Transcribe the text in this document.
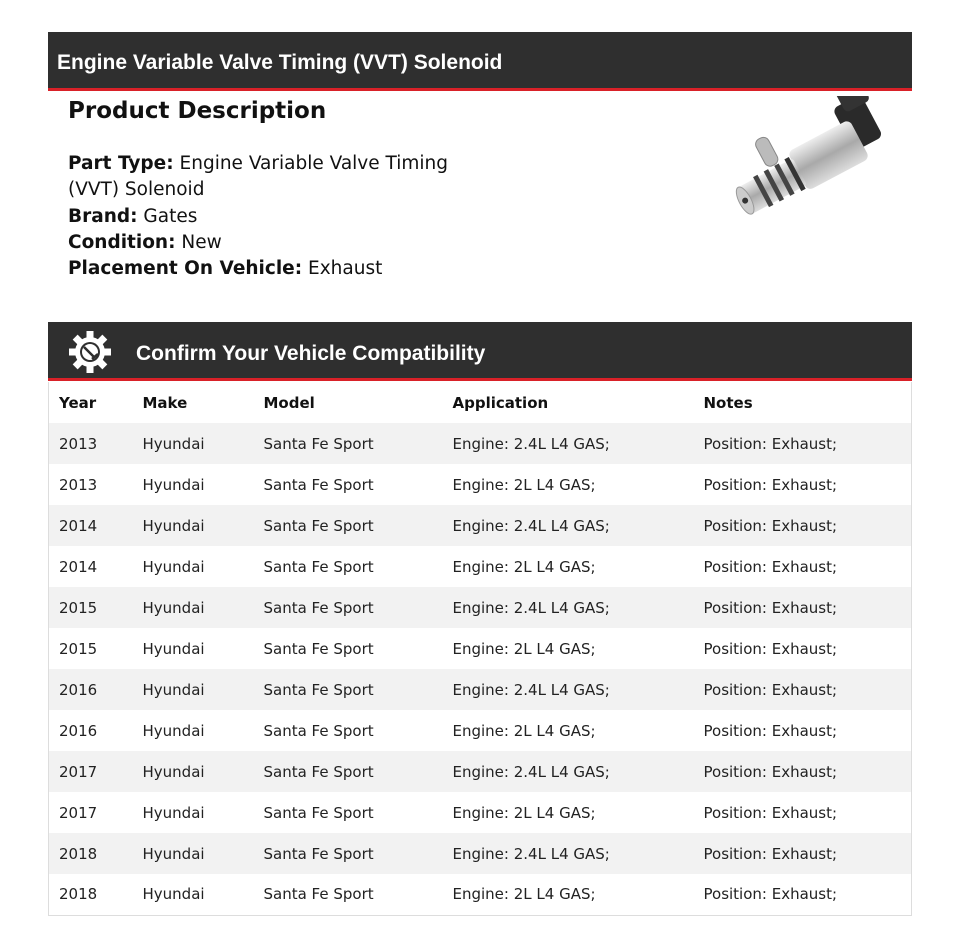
Engine Variable Valve Timing (VVT) Solenoid
Product Description
Part Type: Engine Variable Valve Timing (VVT) Solenoid
Brand: Gates
Condition: New
Placement On Vehicle: Exhaust
Confirm Your Vehicle Compatibility
Year	Make	Model	Application	Notes
2013	Hyundai	Santa Fe Sport	Engine: 2.4L L4 GAS;	Position: Exhaust;
2013	Hyundai	Santa Fe Sport	Engine: 2L L4 GAS;	Position: Exhaust;
2014	Hyundai	Santa Fe Sport	Engine: 2.4L L4 GAS;	Position: Exhaust;
2014	Hyundai	Santa Fe Sport	Engine: 2L L4 GAS;	Position: Exhaust;
2015	Hyundai	Santa Fe Sport	Engine: 2.4L L4 GAS;	Position: Exhaust;
2015	Hyundai	Santa Fe Sport	Engine: 2L L4 GAS;	Position: Exhaust;
2016	Hyundai	Santa Fe Sport	Engine: 2.4L L4 GAS;	Position: Exhaust;
2016	Hyundai	Santa Fe Sport	Engine: 2L L4 GAS;	Position: Exhaust;
2017	Hyundai	Santa Fe Sport	Engine: 2.4L L4 GAS;	Position: Exhaust;
2017	Hyundai	Santa Fe Sport	Engine: 2L L4 GAS;	Position: Exhaust;
2018	Hyundai	Santa Fe Sport	Engine: 2.4L L4 GAS;	Position: Exhaust;
2018	Hyundai	Santa Fe Sport	Engine: 2L L4 GAS;	Position: Exhaust;
